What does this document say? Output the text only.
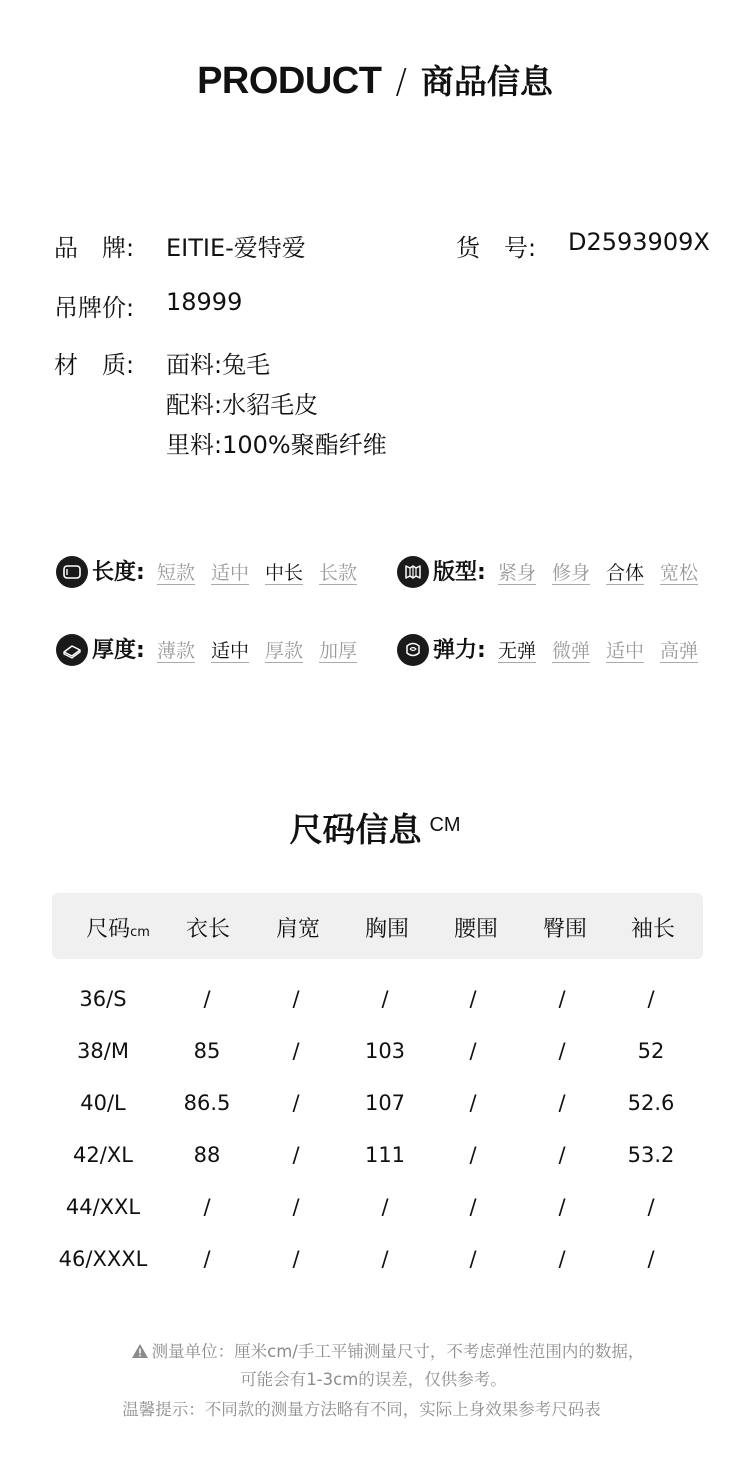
PRODUCT / 商品信息
品 牌: EITIE-爱特爱	货 号: D2593909X
吊牌价: 18999
材 质: 面料:兔毛
配料:水貂毛皮
里料:100%聚酯纤维
长度: 短款 适中 中长 长款	版型: 紧身 修身 合体 宽松
厚度: 薄款 适中 厚款 加厚	弹力: 无弹 微弹 适中 高弹
尺码信息 CM
尺码cm 衣长 肩宽 胸围 腰围 臀围 袖长
36/S	/	/	/	/	/	/
38/M	85	/	103	/	/	52
40/L	86.5	/	107	/	/	52.6
42/XL	88	/	111	/	/	53.2
44/XXL	/	/	/	/	/	/
46/XXXL	/	/	/	/	/	/
测量单位：厘米cm/手工平铺测量尺寸，不考虑弹性范围内的数据，
可能会有1-3cm的误差，仅供参考。
温馨提示：不同款的测量方法略有不同，实际上身效果参考尺码表
